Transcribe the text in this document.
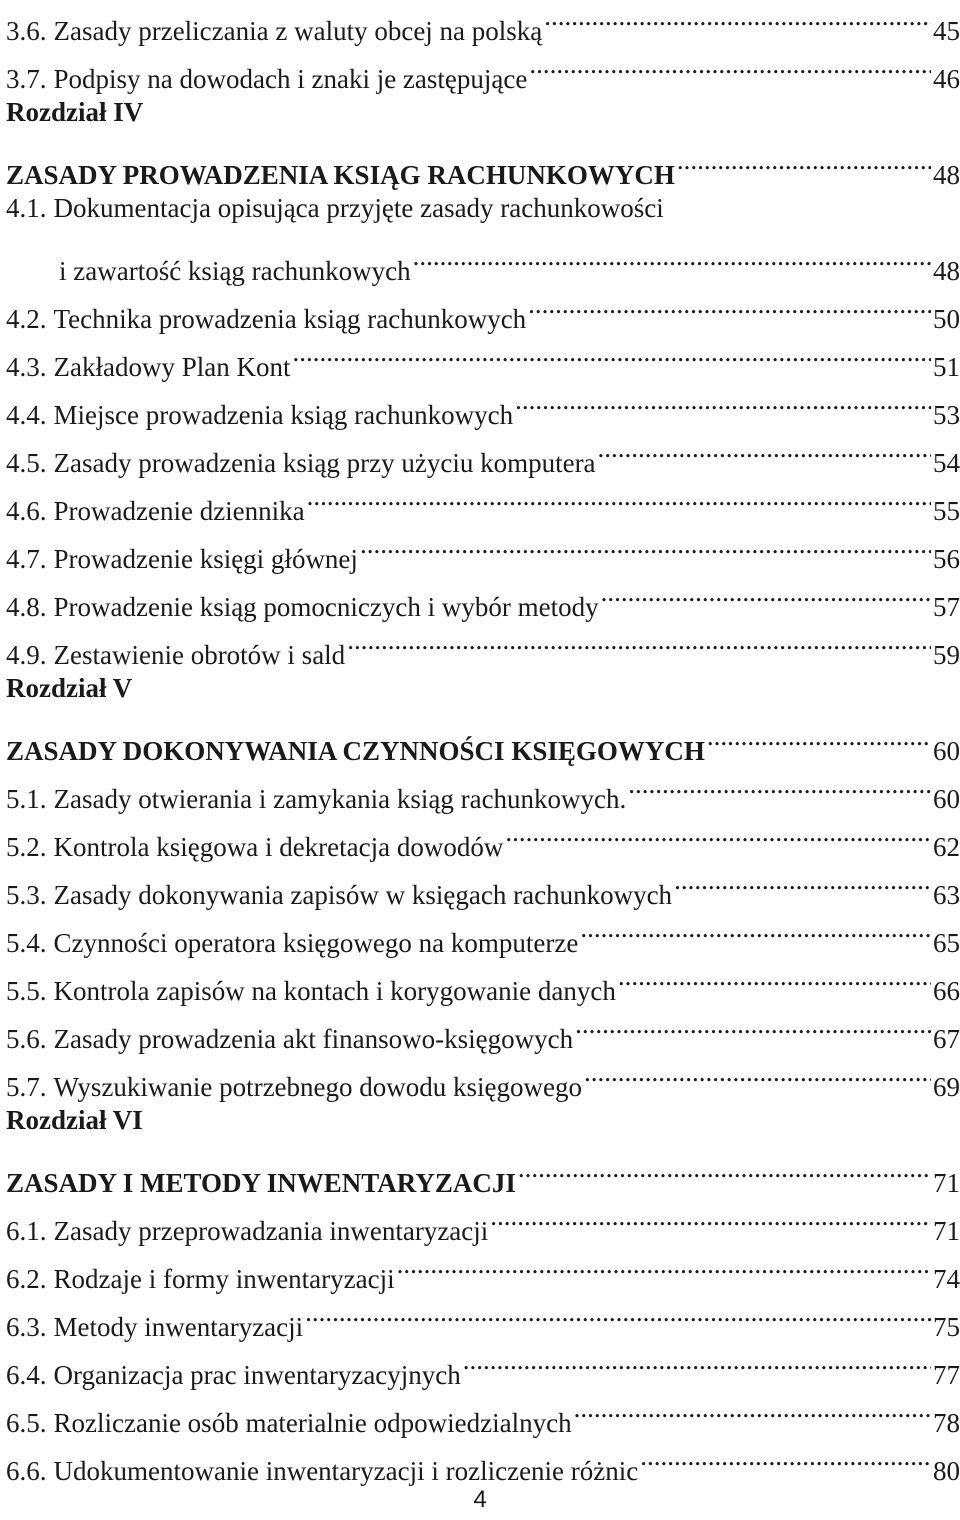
3.6. Zasady przeliczania z waluty obcej na polską .....	45
3.7. Podpisy na dowodach i znaki je zastępujące .....	46
Rozdział IV
ZASADY PROWADZENIA KSIĄG RACHUNKOWYCH .....	48
4.1. Dokumentacja opisująca przyjęte zasady rachunkowości
i zawartość ksiąg rachunkowych .....	48
4.2. Technika prowadzenia ksiąg rachunkowych .....	50
4.3. Zakładowy Plan Kont .....	51
4.4. Miejsce prowadzenia ksiąg rachunkowych .....	53
4.5. Zasady prowadzenia ksiąg przy użyciu komputera .....	54
4.6. Prowadzenie dziennika .....	55
4.7. Prowadzenie księgi głównej .....	56
4.8. Prowadzenie ksiąg pomocniczych i wybór metody .....	57
4.9. Zestawienie obrotów i sald .....	59
Rozdział V
ZASADY DOKONYWANIA CZYNNOŚCI KSIĘGOWYCH .....	60
5.1. Zasady otwierania i zamykania ksiąg rachunkowych. .....	60
5.2. Kontrola księgowa i dekretacja dowodów .....	62
5.3. Zasady dokonywania zapisów w księgach rachunkowych .....	63
5.4. Czynności operatora księgowego na komputerze .....	65
5.5. Kontrola zapisów na kontach i korygowanie danych .....	66
5.6. Zasady prowadzenia akt finansowo-księgowych .....	67
5.7. Wyszukiwanie potrzebnego dowodu księgowego .....	69
Rozdział VI
ZASADY I METODY INWENTARYZACJI .....	71
6.1. Zasady przeprowadzania inwentaryzacji .....	71
6.2. Rodzaje i formy inwentaryzacji .....	74
6.3. Metody inwentaryzacji .....	75
6.4. Organizacja prac inwentaryzacyjnych .....	77
6.5. Rozliczanie osób materialnie odpowiedzialnych .....	78
6.6. Udokumentowanie inwentaryzacji i rozliczenie różnic .....	80
4
